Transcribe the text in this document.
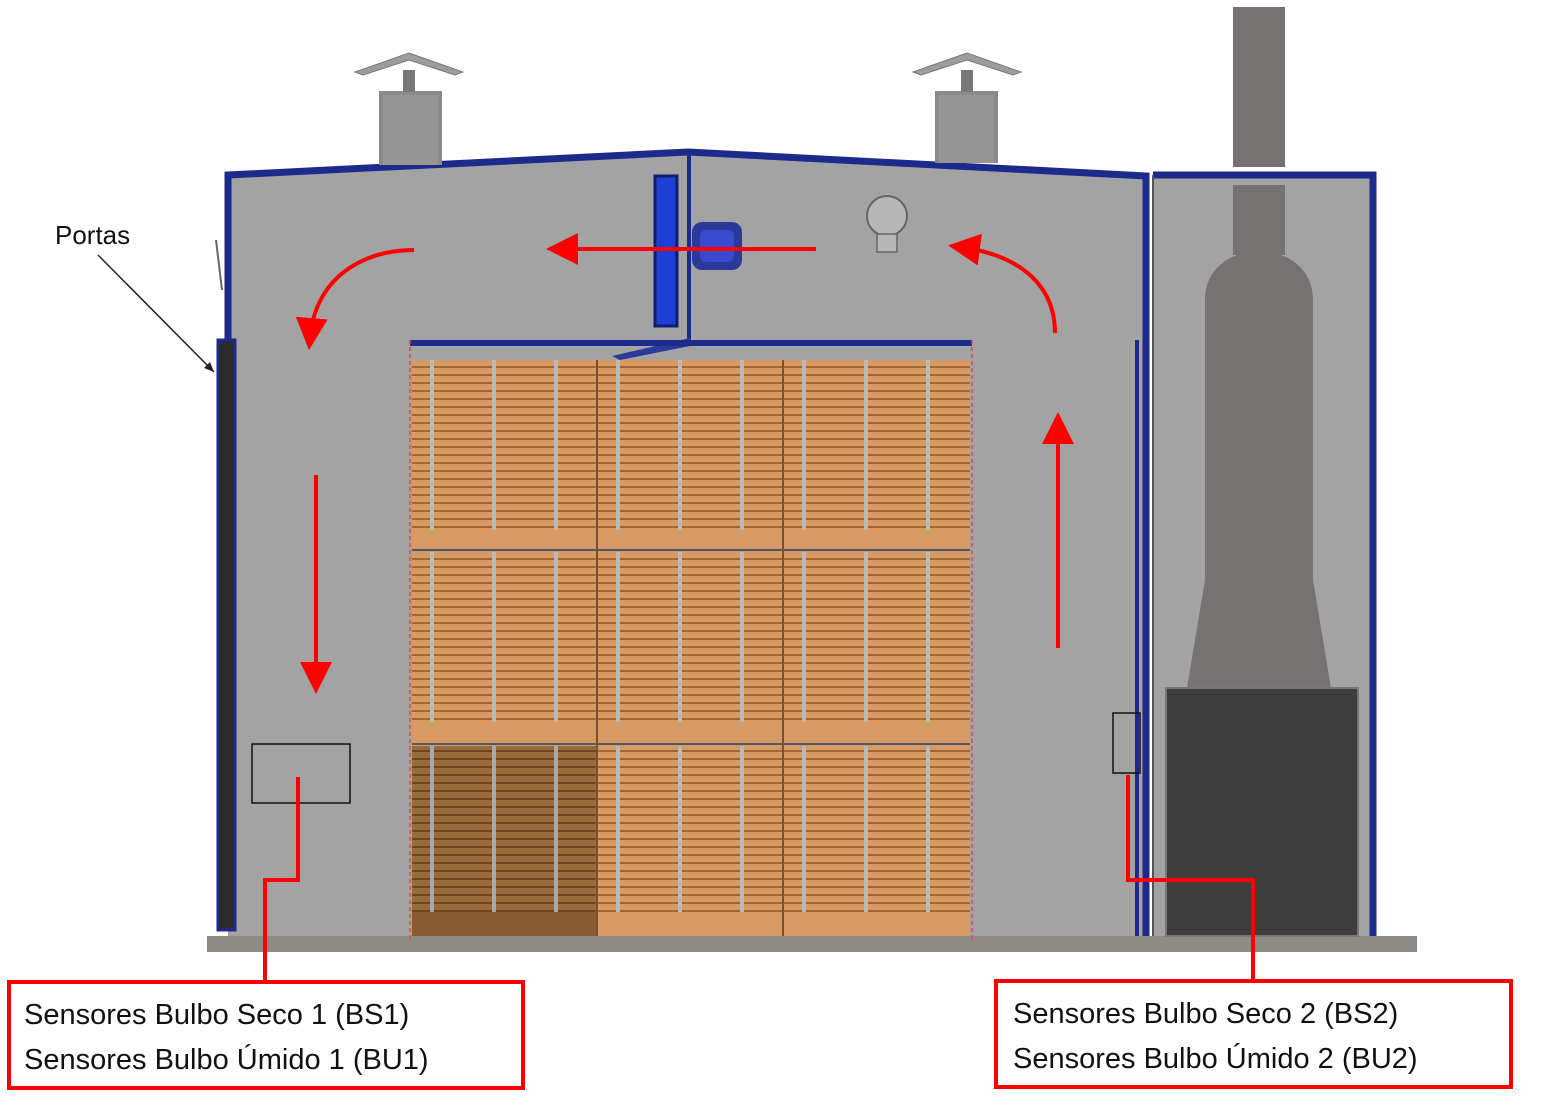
Portas
Sensores Bulbo Seco 1 (BS1)
Sensores Bulbo Úmido 1 (BU1)
Sensores Bulbo Seco 2 (BS2)
Sensores Bulbo Úmido 2 (BU2)
